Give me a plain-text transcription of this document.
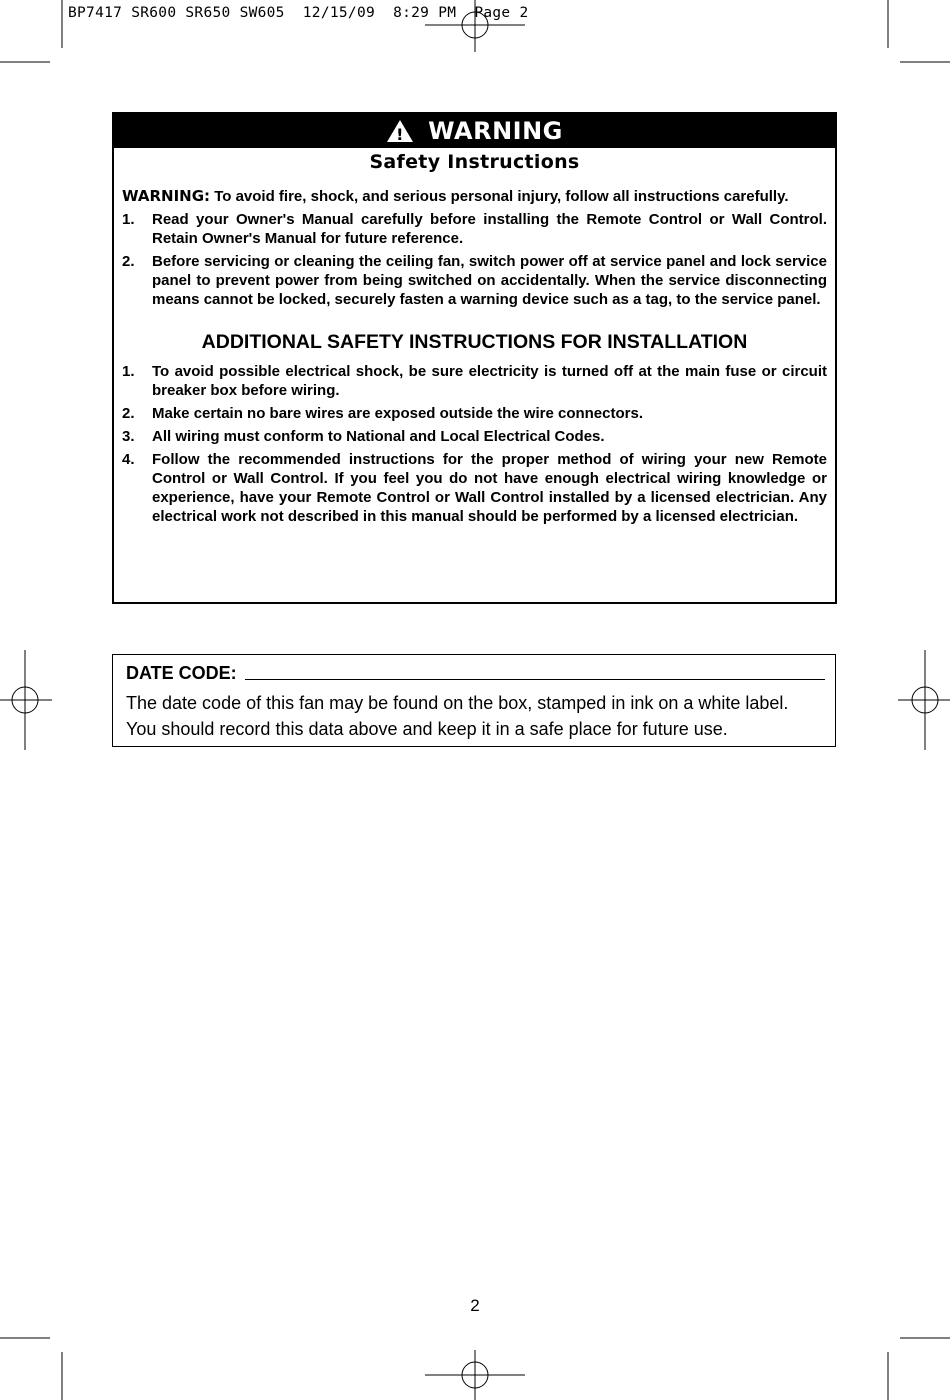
BP7417 SR600 SR650 SW605  12/15/09  8:29 PM  Page 2
! WARNING
Safety Instructions
WARNING: To avoid fire, shock, and serious personal injury, follow all instructions carefully.
1. Read your Owner's Manual carefully before installing the Remote Control or Wall Control. Retain Owner's Manual for future reference.
2. Before servicing or cleaning the ceiling fan, switch power off at service panel and lock service panel to prevent power from being switched on accidentally. When the service disconnecting means cannot be locked, securely fasten a warning device such as a tag, to the service panel.
ADDITIONAL SAFETY INSTRUCTIONS FOR INSTALLATION
1. To avoid possible electrical shock, be sure electricity is turned off at the main fuse or circuit breaker box before wiring.
2. Make certain no bare wires are exposed outside the wire connectors.
3. All wiring must conform to National and Local Electrical Codes.
4. Follow the recommended instructions for the proper method of wiring your new Remote Control or Wall Control. If you feel you do not have enough electrical wiring knowledge or experience, have your Remote Control or Wall Control installed by a licensed electrician. Any electrical work not described in this manual should be performed by a licensed electrician.
DATE CODE:
The date code of this fan may be found on the box, stamped in ink on a white label.
You should record this data above and keep it in a safe place for future use.
2
